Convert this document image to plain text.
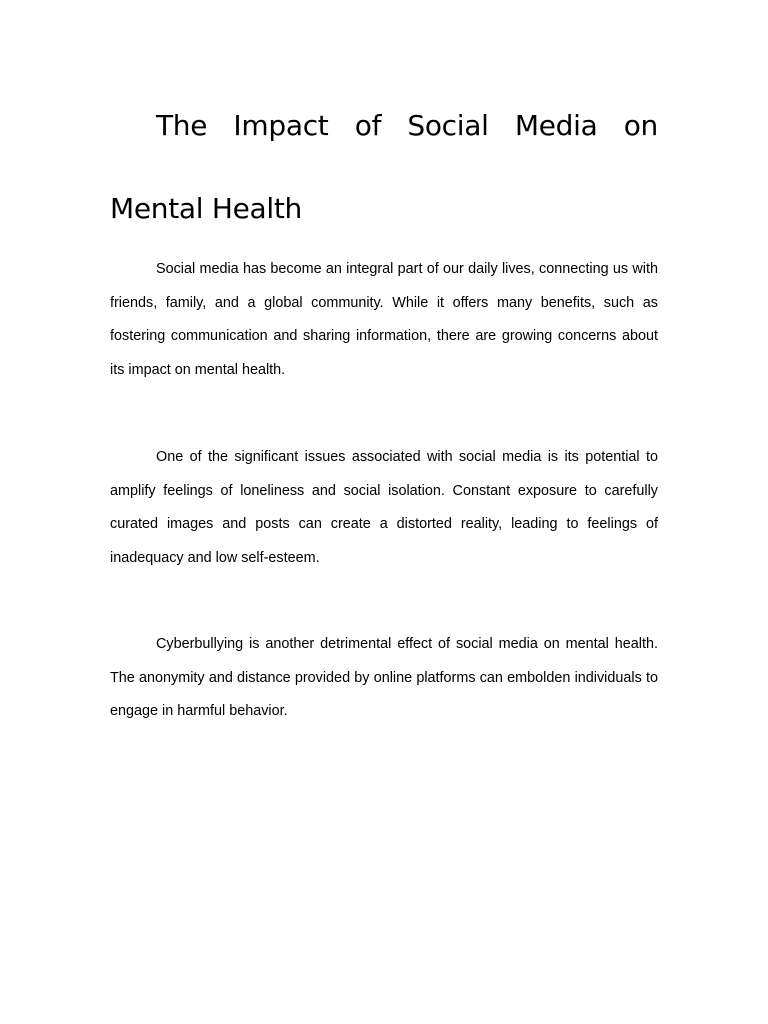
The Impact of Social Media on Mental Health

Social media has become an integral part of our daily lives, connecting us with friends, family, and a global community. While it offers many benefits, such as fostering communication and sharing information, there are growing concerns about its impact on mental health.

One of the significant issues associated with social media is its potential to amplify feelings of loneliness and social isolation. Constant exposure to carefully curated images and posts can create a distorted reality, leading to feelings of inadequacy and low self-esteem.

Cyberbullying is another detrimental effect of social media on mental health. The anonymity and distance provided by online platforms can embolden individuals to engage in harmful behavior.
